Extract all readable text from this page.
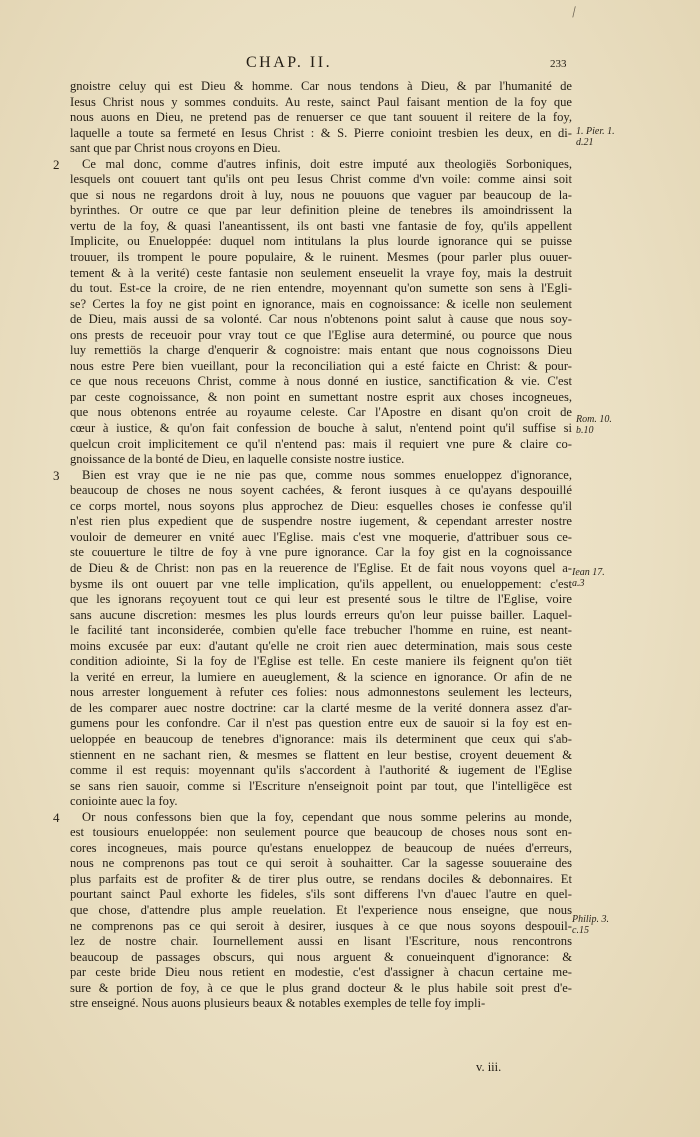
/
CHAP. II.	233
gnoistre celuy qui est Dieu & homme. Car nous tendons à Dieu, & par l'humanité de
Iesus Christ nous y sommes conduits. Au reste, sainct Paul faisant mention de la foy que
nous auons en Dieu, ne pretend pas de renuerser ce que tant souuent il reitere de la foy,
laquelle a toute sa fermeté en Iesus Christ : & S. Pierre conioint tresbien les deux, en di-
sant que par Christ nous croyons en Dieu.
2	Ce mal donc, comme d'autres infinis, doit estre imputé aux theologiës Sorboniques,
lesquels ont couuert tant qu'ils ont peu Iesus Christ comme d'vn voile: comme ainsi soit
que si nous ne regardons droit à luy, nous ne pouuons que vaguer par beaucoup de la-
byrinthes. Or outre ce que par leur definition pleine de tenebres ils amoindrissent la
vertu de la foy, & quasi l'aneantissent, ils ont basti vne fantasie de foy, qu'ils appellent
Implicite, ou Enueloppée: duquel nom intitulans la plus lourde ignorance qui se puisse
trouuer, ils trompent le poure populaire, & le ruinent. Mesmes (pour parler plus ouuer-
tement & à la verité) ceste fantasie non seulement enseuelit la vraye foy, mais la destruit
du tout. Est-ce la croire, de ne rien entendre, moyennant qu'on sumette son sens à l'Egli-
se? Certes la foy ne gist point en ignorance, mais en cognoissance: & icelle non seulement
de Dieu, mais aussi de sa volonté. Car nous n'obtenons point salut à cause que nous soy-
ons prests de receuoir pour vray tout ce que l'Eglise aura determiné, ou pource que nous
luy remettiös la charge d'enquerir & cognoistre: mais entant que nous cognoissons Dieu
nous estre Pere bien vueillant, pour la reconciliation qui a esté faicte en Christ: & pour-
ce que nous receuons Christ, comme à nous donné en iustice, sanctification & vie. C'est
par ceste cognoissance, & non point en sumettant nostre esprit aux choses incogneues,
que nous obtenons entrée au royaume celeste. Car l'Apostre en disant qu'on croit de
cœur à iustice, & qu'on fait confession de bouche à salut, n'entend point qu'il suffise si
quelcun croit implicitement ce qu'il n'entend pas: mais il requiert vne pure & claire co-
gnoissance de la bonté de Dieu, en laquelle consiste nostre iustice.
3	Bien est vray que ie ne nie pas que, comme nous sommes enueloppez d'ignorance,
beaucoup de choses ne nous soyent cachées, & feront iusques à ce qu'ayans despouillé
ce corps mortel, nous soyons plus approchez de Dieu: esquelles choses ie confesse qu'il
n'est rien plus expedient que de suspendre nostre iugement, & cependant arrester nostre
vouloir de demeurer en vnité auec l'Eglise. mais c'est vne moquerie, d'attribuer sous ce-
ste couuerture le tiltre de foy à vne pure ignorance. Car la foy gist en la cognoissance
de Dieu & de Christ: non pas en la reuerence de l'Eglise. Et de fait nous voyons quel a-
bysme ils ont ouuert par vne telle implication, qu'ils appellent, ou enueloppement: c'est
que les ignorans reçoyuent tout ce qui leur est presenté sous le tiltre de l'Eglise, voire
sans aucune discretion: mesmes les plus lourds erreurs qu'on leur puisse bailler. Laquel-
le facilité tant inconsiderée, combien qu'elle face trebucher l'homme en ruine, est neant-
moins excusée par eux: d'autant qu'elle ne croit rien auec determination, mais sous ceste
condition adiointe, Si la foy de l'Eglise est telle. En ceste maniere ils feignent qu'on tiët
la verité en erreur, la lumiere en aueuglement, & la science en ignorance. Or afin de ne
nous arrester longuement à refuter ces folies: nous admonnestons seulement les lecteurs,
de les comparer auec nostre doctrine: car la clarté mesme de la verité donnera assez d'ar-
gumens pour les confondre. Car il n'est pas question entre eux de sauoir si la foy est en-
ueloppée en beaucoup de tenebres d'ignorance: mais ils determinent que ceux qui s'ab-
stiennent en ne sachant rien, & mesmes se flattent en leur bestise, croyent deuement &
comme il est requis: moyennant qu'ils s'accordent à l'authorité & iugement de l'Eglise
se sans rien sauoir, comme si l'Escriture n'enseignoit point par tout, que l'intelligëce est
coniointe auec la foy.
4	Or nous confessons bien que la foy, cependant que nous somme pelerins au monde,
est tousiours enueloppée: non seulement pource que beaucoup de choses nous sont en-
cores incogneues, mais pource qu'estans enueloppez de beaucoup de nuées d'erreurs,
nous ne comprenons pas tout ce qui seroit à souhaitter. Car la sagesse souueraine des
plus parfaits est de profiter & de tirer plus outre, se rendans dociles & debonnaires. Et
pourtant sainct Paul exhorte les fideles, s'ils sont differens l'vn d'auec l'autre en quel-
que chose, d'attendre plus ample reuelation. Et l'experience nous enseigne, que nous
ne comprenons pas ce qui seroit à desirer, iusques à ce que nous soyons despouil-
lez de nostre chair. Iournellement aussi en lisant l'Escriture, nous rencontrons
beaucoup de passages obscurs, qui nous arguent & conueinquent d'ignorance: &
par ceste bride Dieu nous retient en modestie, c'est d'assigner à chacun certaine me-
sure & portion de foy, à ce que le plus grand docteur & le plus habile soit prest d'e-
stre enseigné. Nous auons plusieurs beaux & notables exemples de telle foy impli-
1. Pier. 1.
d.21
Rom. 10.
b.10
Iean 17.
a.3
Philip. 3.
c.15
v. iii.
